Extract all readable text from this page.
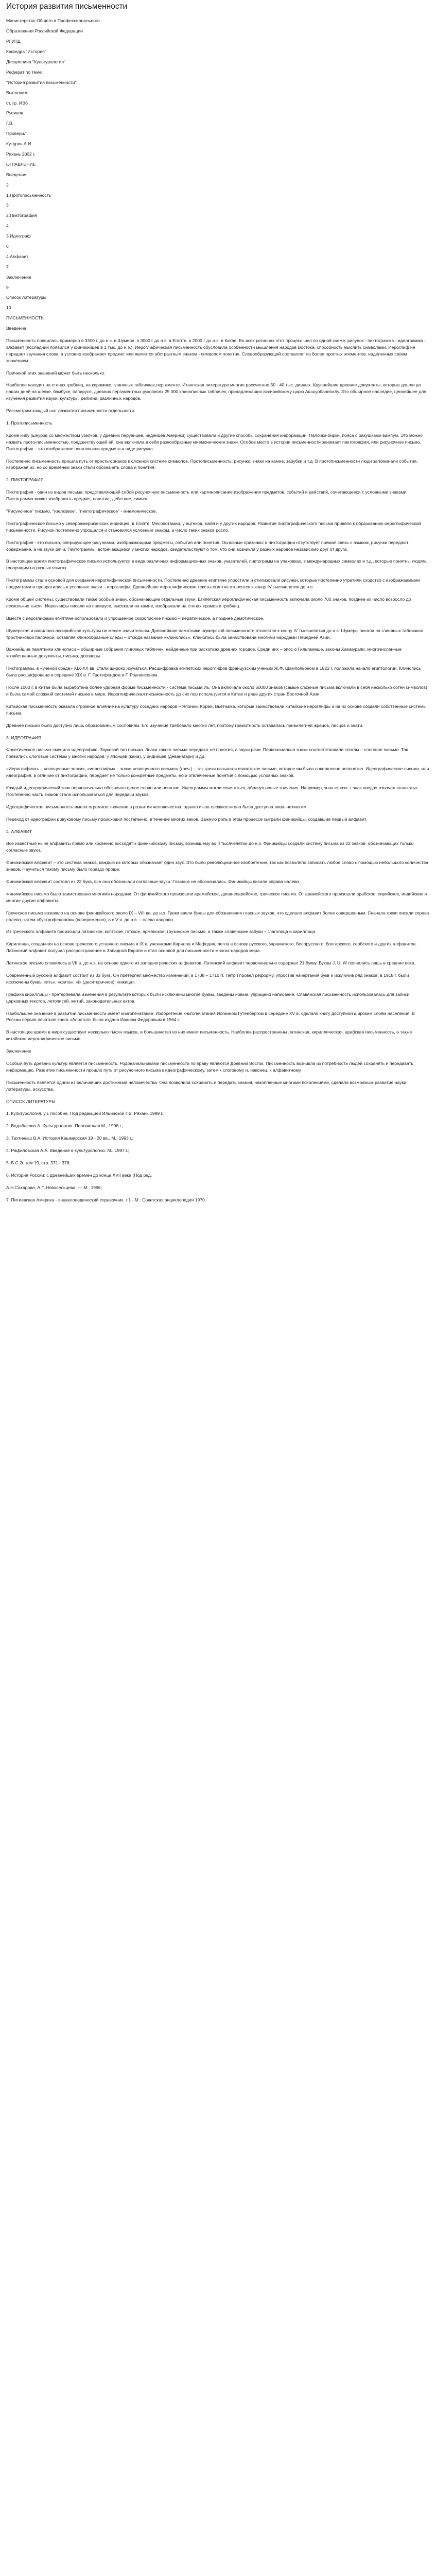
История развития письменности

Министерство Общего и Профессионального

Образования Российской Федерации

РГУПД

Кафедра "История"

Дисциплина "Культурология"

Реферат по теме:

"История развития письменности"

Выполнил:

ст. гр. ИЭ6

Русинов

Г.В.

Проверил:

Кутуров А.И.

Ряхань 2002 г.

ОГЛАВЛЕНИЕ

Введение

2

1.Протописьменность

3

2.Пиктография

4

3.Идеограф

6

4.Алфавит

7

Заключение

9

Список литературы

10

ПИСЬМЕННОСТЬ

Введение

Письменность появилась примерно в 3300 г. до н.э. в Шумере, в 3000 г до н.э. в Египте, в 2000 г до н.э. в Китае. Во всех регионах этот процесс шел по одной схеме: рисунок - пиктограмма - идеограмма - алфавит (последний появился у финикийцев в 1 тыс. до н.э.). Иероглифическая письменность обусловила особенности мышления народов Востока, способность мыслить символами. Иероглиф не передает звучания слова, а условно изображает предмет или является абстрактным знаком - символом понятия. Словообразующий составляет из более простых элементов, наделенных своим значением.

Причиной этих значений может быть несколько.

Наиболее находят на стенах гробниц, на керамике, глиняных табличках,пергаменте. Итаютская литература мнoгие рассчитано 30 - 40 тыс. дивных. Крупнейшие древние документы, которые дошли до наших дней на шелке, бамбуке, папирусе, древних пергаментных рукописях 25 000 клинописных табличек, принадлежащих ассирийскому царю Ашшурбанипалу. Это обширное наследие, ценнейшее для изучения развития науки, культуры, религии, различных народов.

Рассмотрим каждый шаг развития письменности отдельности.

1. Протописьменность

Кроме кипу (шнуров со множеством узелков, у древних перуанцев, индейцев Америки) существовали и другие способы сохранения информации. Палочки-бирки, пояса с ракушками вампум. Это можно назвать прото-письменностью, предшествующей ей, она включала в себя разнообразные мнемонические знаки. Особое место в истории письменности занимает пиктография, или рисуночное письмо. Пиктография – это изображение понятия или предмета в виде рисунка.

Постепенно письменность прошла путь от простых знаков к сложной системе символов. Протописьменность: рисунки, знаки на камне, зарубки и т.д. В протописьменности люди запоминали события, изображая их, но со временем знаки стали обозначать слова и понятия.

2. ПИКТОГРАФИЯ

Пиктография - один из видов письма, представляющий собой рисуночную письменность или картинописание изображения предметов, событий и действий, сочетающееся с условными знаками. Пиктограмма может изображать предмет, понятие, действие, символ.

"Рисуночное" письмо, "узелковое", "пиктографическое" - мнемоническое.

Пиктографическое письмо у североамериканских индейцев, в Египте, Месопотамии, у ацтеков, майя и у других народов. Развитие пиктографического письма привело к образованию иероглифической письменности. Рисунок постепенно упрощался и становился условным знаком, а число таких знаков росло.

Пиктография - это письмо, оперирующее рисунками, изображающими предметы, события или понятия. Основные признаки: в пиктографии отсутствует прямая связь с языком, рисунки передают содержание, а не звуки речи. Пиктограммы, встречающиеся у многих народов, свидетельствуют о том, что они возникли у разных народов независимо друг от друга.

В настоящее время пиктографическое письмо используется в виде различных информационных знаков, указателей, пиктограмм на упаковках, в международных символах и т.д., которые понятны людям, говорящим на разных языках.

Пиктограммы стали основой для создания иероглифической письменности. Постепенно древние египтяне упростили и стилизовали рисунки, которые постепенно утратили сходство с изображаемыми предметами и превратились в условные знаки – иероглифы. Древнейшие иероглифические тексты египтян относятся к концу IV тысячелетия до н.э.

Кроме общей системы, существовали также особые знаки, обозначающие отдельные звуки. Египетская иероглифическая письменность включала около 700 знаков, позднее их число возросло до нескольких тысяч. Иероглифы писали на папирусе, высекали на камне, изображали на стенах храмов и гробниц.

Вместе с иероглифами египтяне использовали и упрощенное скорописное письмо – иератическое, а позднее демотическое.

Шумерская и вавилоно-ассирийская культуры не менее значительны. Древнейшие памятники шумерской письменности относятся к концу IV тысячелетия до н.э. Шумеры писали на глиняных табличках тростниковой палочкой, оставляя клинообразные следы – отсюда название «клинопись». Клинопись была заимствована многими народами Передней Азии.

Важнейшие памятники клинописи – обширные собрания глиняных табличек, найденные при раскопках древних городов. Среди них – эпос о Гильгамеше, законы Хаммурапи, многочисленные хозяйственные документы, письма, договоры.

Пиктограммы, в «учёной среде» XIX-XX вв. стали широко изучаться. Расшифровка египетских иероглифов французским учёным Ж.Ф. Шампольоном в 1822 г. положила начало египтологии. Клинопись была расшифрована в середине XIX в. Г. Гротефендом и Г. Роулинсоном.

После 1000 г. в Китае была выработана более удобная форма письменности - система письма Иь. Она включала около 50000 знаков (самые сложные письма включали в себя несколько сотен символов) и была самой сложной системой письма в мире. Иероглифическая письменность до сих пор используется в Китае и ряде других стран Восточной Азии.

Китайская письменность оказала огромное влияние на культуру соседних народов – Японии, Кореи, Вьетнама, которые заимствовали китайские иероглифы и на их основе создали собственные системы письма.

Древнее письмо было доступно лишь образованным сословиям. Его изучение требовало многих лет, поэтому грамотность оставалась привилегией жрецов, писцов и знати.

3. ИДЕОГРАФИЯ

Фонетическое письмо сменило идеографию. Звуковой тип письма. Знаки такого письма передают не понятия, а звуки речи. Первоначально знаки соответствовали слогам – слоговое письмо. Так появились слоговые системы у многих народов: у японцев (кана), у индийцев (деванагари) и др.

«Иероглифика» – «священные знаки», «иероглифы» – знаки «священного письма» (греч.) – так греки называли египетское письмо, которое им было совершенно непонятно. Идеографическое письмо, или идеография, в отличие от пиктографии, передаёт не только конкретные предметы, но и отвлечённые понятия с помощью условных знаков.

Каждый идеографический знак первоначально обозначал целое слово или понятие. Идеограммы могли сочетаться, образуя новые значения. Например, знак «глаз» + знак «вода» означал «плакать». Постепенно часть знаков стала использоваться для передачи звуков.

Идеографическая письменность имела огромное значение в развитии человечества, однако из-за сложности она была доступна лишь немногим.

Переход от идеографии к звуковому письму происходил постепенно, в течение многих веков. Важную роль в этом процессе сыграли финикийцы, создавшие первый алфавит.

4. АЛФАВИТ

Все известные ныне алфавиты прямо или косвенно восходят к финикийскому письму, возникшему во II тысячелетии до н.э. Финикийцы создали систему письма из 22 знаков, обозначающих только согласные звуки.

Финикийский алфавит – это система знаков, каждый из которых обозначает один звук. Это было революционное изобретение, так как позволяло записать любое слово с помощью небольшого количества знаков. Научиться такому письму было гораздо проще.

Финикийский алфавит состоял из 22 букв, все они обозначали согласные звуки. Гласные не обозначались. Финикийцы писали справа налево.

Финикийское письмо было заимствовано многими народами. От финикийского произошли арамейское, древнееврейское, греческое письмо. От арамейского произошли арабское, сирийское, индийские и многие другие алфавиты.

Греческое письмо возникло на основе финикийского около IX – VIII вв. до н.э. Греки ввели буквы для обозначения гласных звуков, что сделало алфавит более совершенным. Сначала греки писали справа налево, затем «бустрофедоном» (попеременно), а с V в. до н.э. – слева направо.

Из греческого алфавита произошли латинское, коптское, готское, армянское, грузинское письмо, а также славянские азбуки – глаголица и кириллица.

Кириллица, созданная на основе греческого уставного письма в IX в. учениками Кирилла и Мефодия, легла в основу русского, украинского, белорусского, болгарского, сербского и других алфавитов. Латинский алфавит получил распространение в Западной Европе и стал основой для письменности многих народов мира.

Латинское письмо сложилось в VII в. до н.э. на основе одного из западногреческих алфавитов. Латинский алфавит первоначально содержал 21 букву. Буквы J, U, W появились лишь в средние века.

Современный русский алфавит состоит из 33 букв. Он претерпел множество изменений: в 1708 – 1710 гг. Петр I провел реформу, упростив начертания букв и исключив ряд знаков; в 1918 г. были исключены буквы «ять», «фита», «i» (десятеричное), «ижица».

Графика кириллицы - претерпевала изменения в результате которых были исключены многие буквы, введены новые, упрощено написание. Славянская письменность использовалась для записи церковных текстов, летописей, житий, законодательных актов.

Наибольшее значение в развитии письменности имеет книгопечатание. Изобретение книгопечатания Иоганном Гутенбергом в середине XV в. сделало книгу доступной широким слоям населения. В России первая печатная книга «Апостол» была издана Иваном Федоровым в 1564 г.

В настоящее время в мире существует несколько тысяч языков, и большинство из них имеет письменность. Наиболее распространены латинская, кириллическая, арабская письменность, а также китайское иероглифическое письмо.

Заключение

Особый путь древних культур является письменность. Родоначальниками письменности по праву являются Древний Восток. Письменность возникла из потребности людей сохранять и передавать информацию. Развитие письменности прошло путь от рисуночного письма к идеографическому, затем к слоговому и, наконец, к алфавитному.

Письменность является одним из величайших достижений человечества. Она позволила сохранить и передать знания, накопленные многими поколениями, сделала возможным развитие науки, литературы, искусства.

СПИСОК ЛИТЕРАТУРЫ

1. Культурология. уч. пособие. Под редакцией Ильинской Г.В. Ряхань 1999 г.;
2. Вадабасова А. Культурология. Половинная М., 1998 г.;
3. Тахтиныш В.А. История Кашмирская 19 - 20 вв., М., 1993 г.;
4. Рафиловская А.А. Введение в культурологию. М., 1997 г.;
5. Б.С.Э. том 19, стр. 371 - 376;
6. История России: с древнейших времен до конца XVII века (Под ред.
А.Н.Сахарова, А.П.Новосельцева. — М., 1996;
7. Питиевская Америка - энциклопедический справочник. т.1 - М.: Советская энциклопедия 1970.
